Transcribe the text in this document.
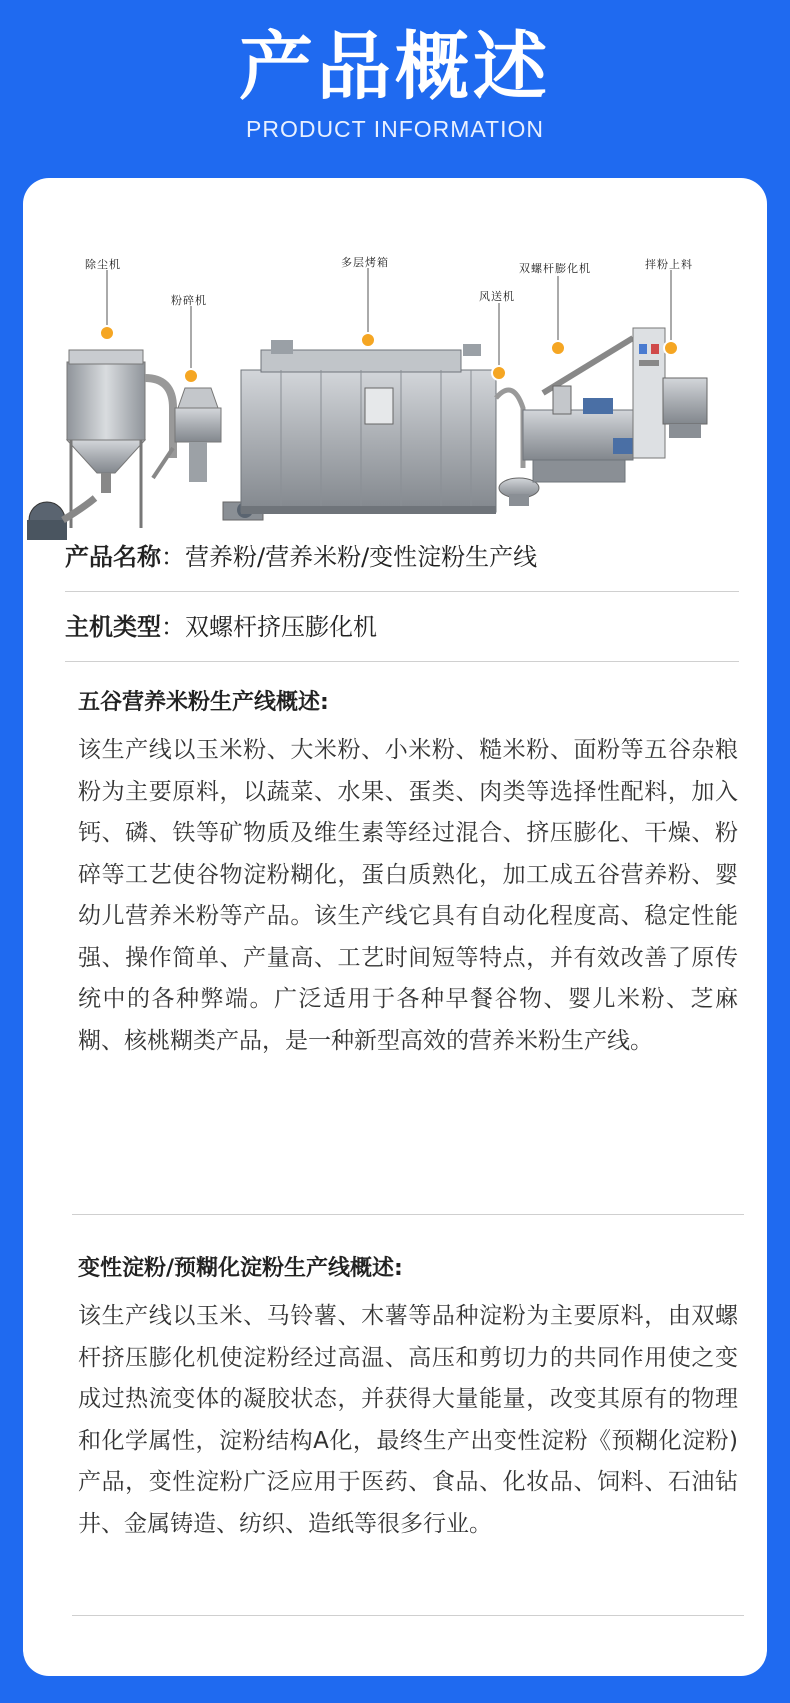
产品概述
PRODUCT INFORMATION
除尘机
粉碎机
多层烤箱
风送机
双螺杆膨化机	拌粉上料
产品名称：营养粉/营养米粉/变性淀粉生产线
主机类型：双螺杆挤压膨化机
五谷营养米粉生产线概述:

该生产线以玉米粉、大米粉、小米粉、糙米粉、面粉等五谷杂粮粉为主要原料，以蔬菜、水果、蛋类、肉类等选择性配料，加入钙、磷、铁等矿物质及维生素等经过混合、挤压膨化、干燥、粉碎等工艺使谷物淀粉糊化，蛋白质熟化，加工成五谷营养粉、婴幼儿营养米粉等产品。该生产线它具有自动化程度高、稳定性能强、操作简单、产量高、工艺时间短等特点，并有效改善了原传统中的各种弊端。广泛适用于各种早餐谷物、婴儿米粉、芝麻糊、核桃糊类产品，是一种新型高效的营养米粉生产线。

变性淀粉/预糊化淀粉生产线概述:

该生产线以玉米、马铃薯、木薯等品种淀粉为主要原料，由双螺杆挤压膨化机使淀粉经过高温、高压和剪切力的共同作用使之变成过热流变体的凝胶状态，并获得大量能量，改变其原有的物理和化学属性，淀粉结构A化，最终生产出变性淀粉《预糊化淀粉)产品，变性淀粉广泛应用于医药、食品、化妆品、饲料、石油钻井、金属铸造、纺织、造纸等很多行业。
